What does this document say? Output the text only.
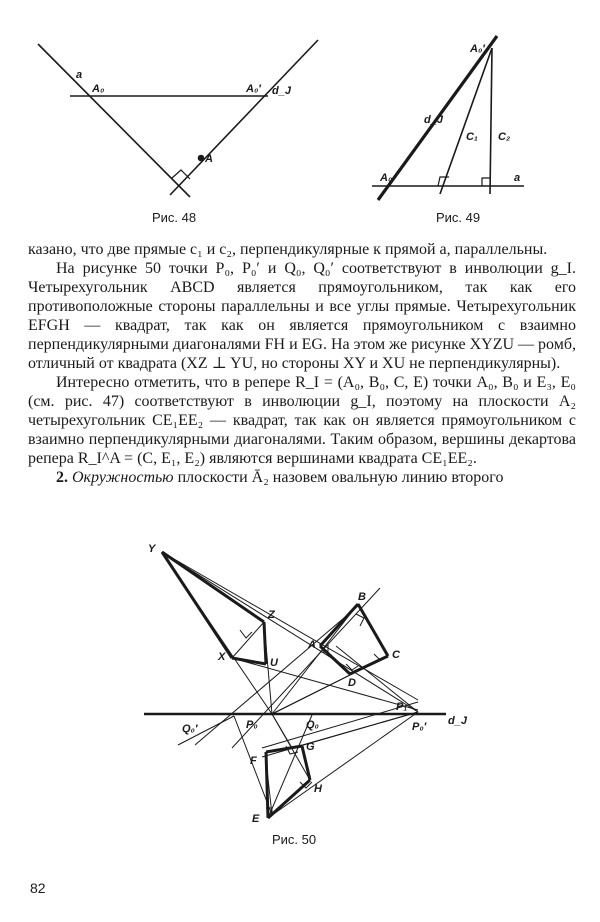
a
A₀	A₀′ d_J
A
A₀′
d_J
C₁ C₂
A₀	a
Y
Z
X	U
B
A
C
D
P₁
Q₀′	P₀	Q₀	P₀′ d_J
F
G
H
E
Рис. 48	Рис. 49

казано, что две прямые c₁ и c₂, перпендикулярные к прямой a, параллельны.

На рисунке 50 точки P₀, P₀′ и Q₀, Q₀′ соответствуют в инволюции g_I. Четырехугольник ABCD является прямоугольником, так как его противоположные стороны параллельны и все углы прямые. Четырехугольник EFGH — квадрат, так как он является прямоугольником с взаимно перпендикулярными диагоналями FH и EG. На этом же рисунке XYZU — ромб, отличный от квадрата (XZ ⊥ YU, но стороны XY и XU не перпендикулярны).

Интересно отметить, что в репере R_I = (A₀, B₀, C, E) точки A₀, B₀ и E₃, E₀ (см. рис. 47) соответствуют в инволюции g_I, поэтому на плоскости A₂ четырехугольник CE₁EE₂ — квадрат, так как он является прямоугольником с взаимно перпендикулярными диагоналями. Таким образом, вершины декартова репера R_I^A = (C, E₁, E₂) являются вершинами квадрата CE₁EE₂.

2. Окружностью плоскости Ā₂ назовем овальную линию второго

Рис. 50
82
